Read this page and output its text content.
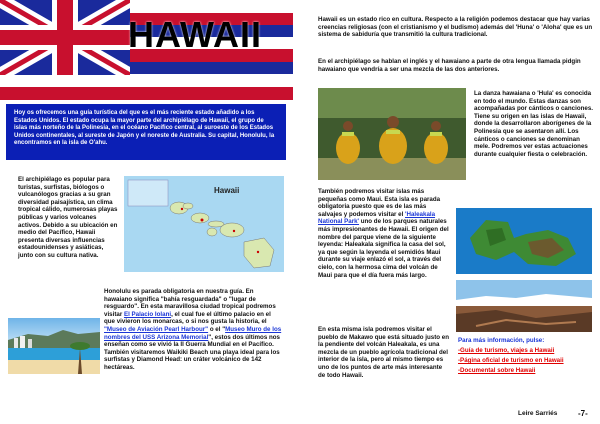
HAWAII
Hoy os ofrecemos una guía turística del que es el más reciente estado añadido a los Estados Unidos. El estado ocupa la mayor parte del archipiélago de Hawaii, el grupo de islas más norteño de la Polinesia, en el océano Pacífico central, al suroeste de los Estados Unidos continentales, al sureste de Japón y el noreste de Australia. Su capital, Honolulu, la encontramos en la isla de O'ahu.
El archipiélago es popular para turistas, surfistas, biólogos o vulcanólogos gracias a su gran diversidad paisajística, un clima tropical cálido, numerosas playas públicas y varios volcanes activos. Debido a su ubicación en medio del Pacífico, Hawaii presenta diversas influencias estadounidenses y asiáticas, junto con su cultura nativa.
Hawaii
Honolulu es parada obligatoria en nuestra guía. En hawaiano significa "bahía resguardada" o "lugar de resguardo". En esta maravillosa ciudad tropical podremos visitar El Palacio Iolani, el cual fue el último palacio en el que vivieron los monarcas, o si nos gusta la historia, el "Museo de Aviación Pearl Harbour" o el "Museo Muro de los nombres del USS Arizona Memorial", estos dos últimos nos enseñan como se vivió la II Guerra Mundial en el Pacífico. También visitaremos Waikiki Beach una playa ideal para los surfistas y Diamond Head: un cráter volcánico de 142 hectáreas.
Hawaii es un estado rico en cultura. Respecto a la religión podemos destacar que hay varias creencias religiosas (con el cristianismo y el budismo) además del 'Huna' o 'Aloha' que es un sistema de sabiduría que transmitió la cultura tradicional.
En el archipiélago se hablan el inglés y el hawaiano a parte de otra lengua llamada pidgin hawaiano que vendría a ser una mezcla de las dos anteriores.
La danza hawaiana o 'Hula' es conocida en todo el mundo. Estas danzas son acompañadas por cánticos o canciones. Tiene su origen en las islas de Hawaii, donde la desarrollaron aborígenes de la Polinesia que se asentaron allí. Los cánticos o canciones se denominan mele. Podremos ver estas actuaciones durante cualquier fiesta o celebración.
También podremos visitar islas más pequeñas como Maui. Esta isla es parada obligatoria puesto que es de las más salvajes y podemos visitar el 'Haleakala National Park' uno de los parques naturales más impresionantes de Hawaii. El origen del nombre del parque viene de la siguiente leyenda: Haleakala significa la casa del sol, ya que según la leyenda el semidiós Maui durante su viaje enlazó el sol, a través del cielo, con la hermosa cima del volcán de Maui para que el día fuera más largo.
En esta misma isla podremos visitar el pueblo de Makawo que está situado justo en la pendiente del volcán Haleakala, es una mezcla de un pueblo agrícola tradicional del interior de la isla, pero al mismo tiempo es uno de los puntos de arte más interesante de todo Hawaii.
Para más información, pulse:
-Guía de turismo, viajes a Hawaii
-Página oficial de turismo en Hawaii
-Documental sobre Hawaii
Leire Sarriés	-7-
